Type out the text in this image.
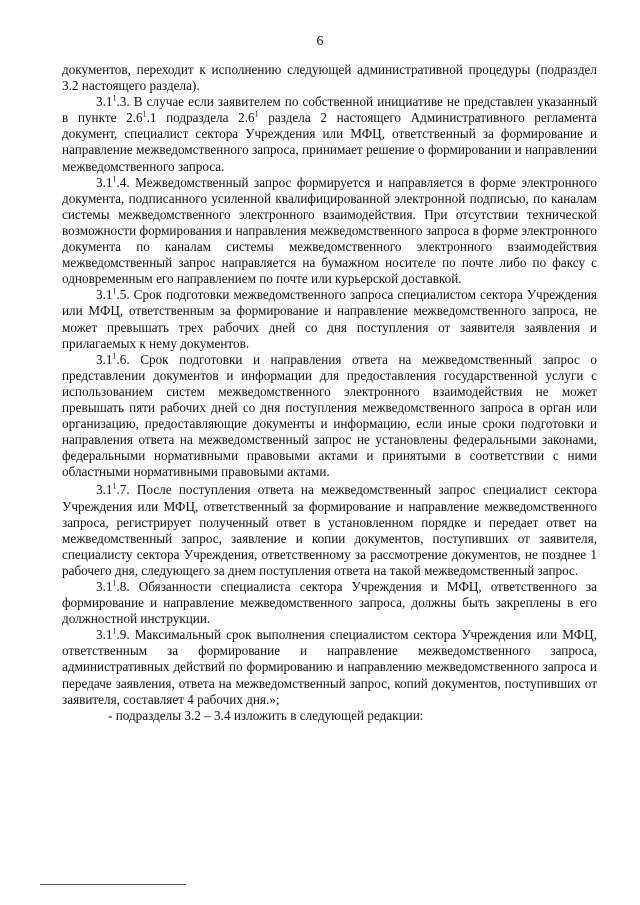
6

документов, переходит к исполнению следующей административной процедуры (подраздел 3.2 настоящего раздела).

$3.1^1.3$. В случае если заявителем по собственной инициативе не представлен указанный в пункте $2.6^1.1$ подраздела $2.6^1$ раздела 2 настоящего Административного регламента документ, специалист сектора Учреждения или МФЦ, ответственный за формирование и направление межведомственного запроса, принимает решение о формировании и направлении межведомственного запроса.

$3.1^1.4$. Межведомственный запрос формируется и направляется в форме электронного документа, подписанного усиленной квалифицированной электронной подписью, по каналам системы межведомственного электронного взаимодействия. При отсутствии технической возможности формирования и направления межведомственного запроса в форме электронного документа по каналам системы межведомственного электронного взаимодействия межведомственный запрос направляется на бумажном носителе по почте либо по факсу с одновременным его направлением по почте или курьерской доставкой.

$3.1^1.5$. Срок подготовки межведомственного запроса специалистом сектора Учреждения или МФЦ, ответственным за формирование и направление межведомственного запроса, не может превышать трех рабочих дней со дня поступления от заявителя заявления и прилагаемых к нему документов.

$3.1^1.6$. Срок подготовки и направления ответа на межведомственный запрос о представлении документов и информации для предоставления государственной услуги с использованием систем межведомственного электронного взаимодействия не может превышать пяти рабочих дней со дня поступления межведомственного запроса в орган или организацию, предоставляющие документы и информацию, если иные сроки подготовки и направления ответа на межведомственный запрос не установлены федеральными законами, федеральными нормативными правовыми актами и принятыми в соответствии с ними областными нормативными правовыми актами.

$3.1^1.7$. После поступления ответа на межведомственный запрос специалист сектора Учреждения или МФЦ, ответственный за формирование и направление межведомственного запроса, регистрирует полученный ответ в установленном порядке и передает ответ на межведомственный запрос, заявление и копии документов, поступивших от заявителя, специалисту сектора Учреждения, ответственному за рассмотрение документов, не позднее 1 рабочего дня, следующего за днем поступления ответа на такой межведомственный запрос.

$3.1^1.8$. Обязанности специалиста сектора Учреждения и МФЦ, ответственного за формирование и направление межведомственного запроса, должны быть закреплены в его должностной инструкции.

$3.1^1.9$. Максимальный срок выполнения специалистом сектора Учреждения или МФЦ, ответственным за формирование и направление межведомственного запроса, административных действий по формированию и направлению межведомственного запроса и передаче заявления, ответа на межведомственный запрос, копий документов, поступивших от заявителя, составляет 4 рабочих дня.»;

- подразделы 3.2 – 3.4 изложить в следующей редакции:
